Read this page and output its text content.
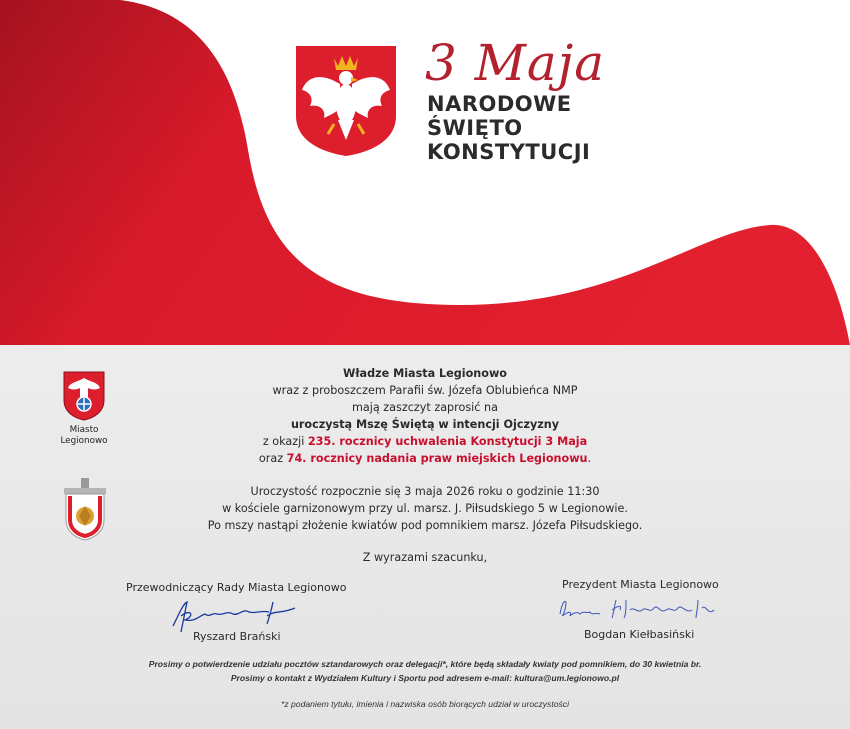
3 Maja
NARODOWE
ŚWIĘTO
KONSTYTUCJI
Miasto
Legionowo
Władze Miasta Legionowo
wraz z proboszczem Parafii św. Józefa Oblubieńca NMP
mają zaszczyt zaprosić na
uroczystą Mszę Świętą w intencji Ojczyzny
z okazji 235. rocznicy uchwalenia Konstytucji 3 Maja
oraz 74. rocznicy nadania praw miejskich Legionowu.
Uroczystość rozpocznie się 3 maja 2026 roku o godzinie 11:30
w kościele garnizonowym przy ul. marsz. J. Piłsudskiego 5 w Legionowie.
Po mszy nastąpi złożenie kwiatów pod pomnikiem marsz. Józefa Piłsudskiego.
Z wyrazami szacunku,
Przewodniczący Rady Miasta Legionowo
Ryszard Brański
Prezydent Miasta Legionowo
Bogdan Kiełbasiński
Prosimy o potwierdzenie udziału pocztów sztandarowych oraz delegacji*, które będą składały kwiaty pod pomnikiem, do 30 kwietnia br.
Prosimy o kontakt z Wydziałem Kultury i Sportu pod adresem e-mail: kultura@um.legionowo.pl
*z podaniem tytułu, imienia i nazwiska osób biorących udział w uroczystości
